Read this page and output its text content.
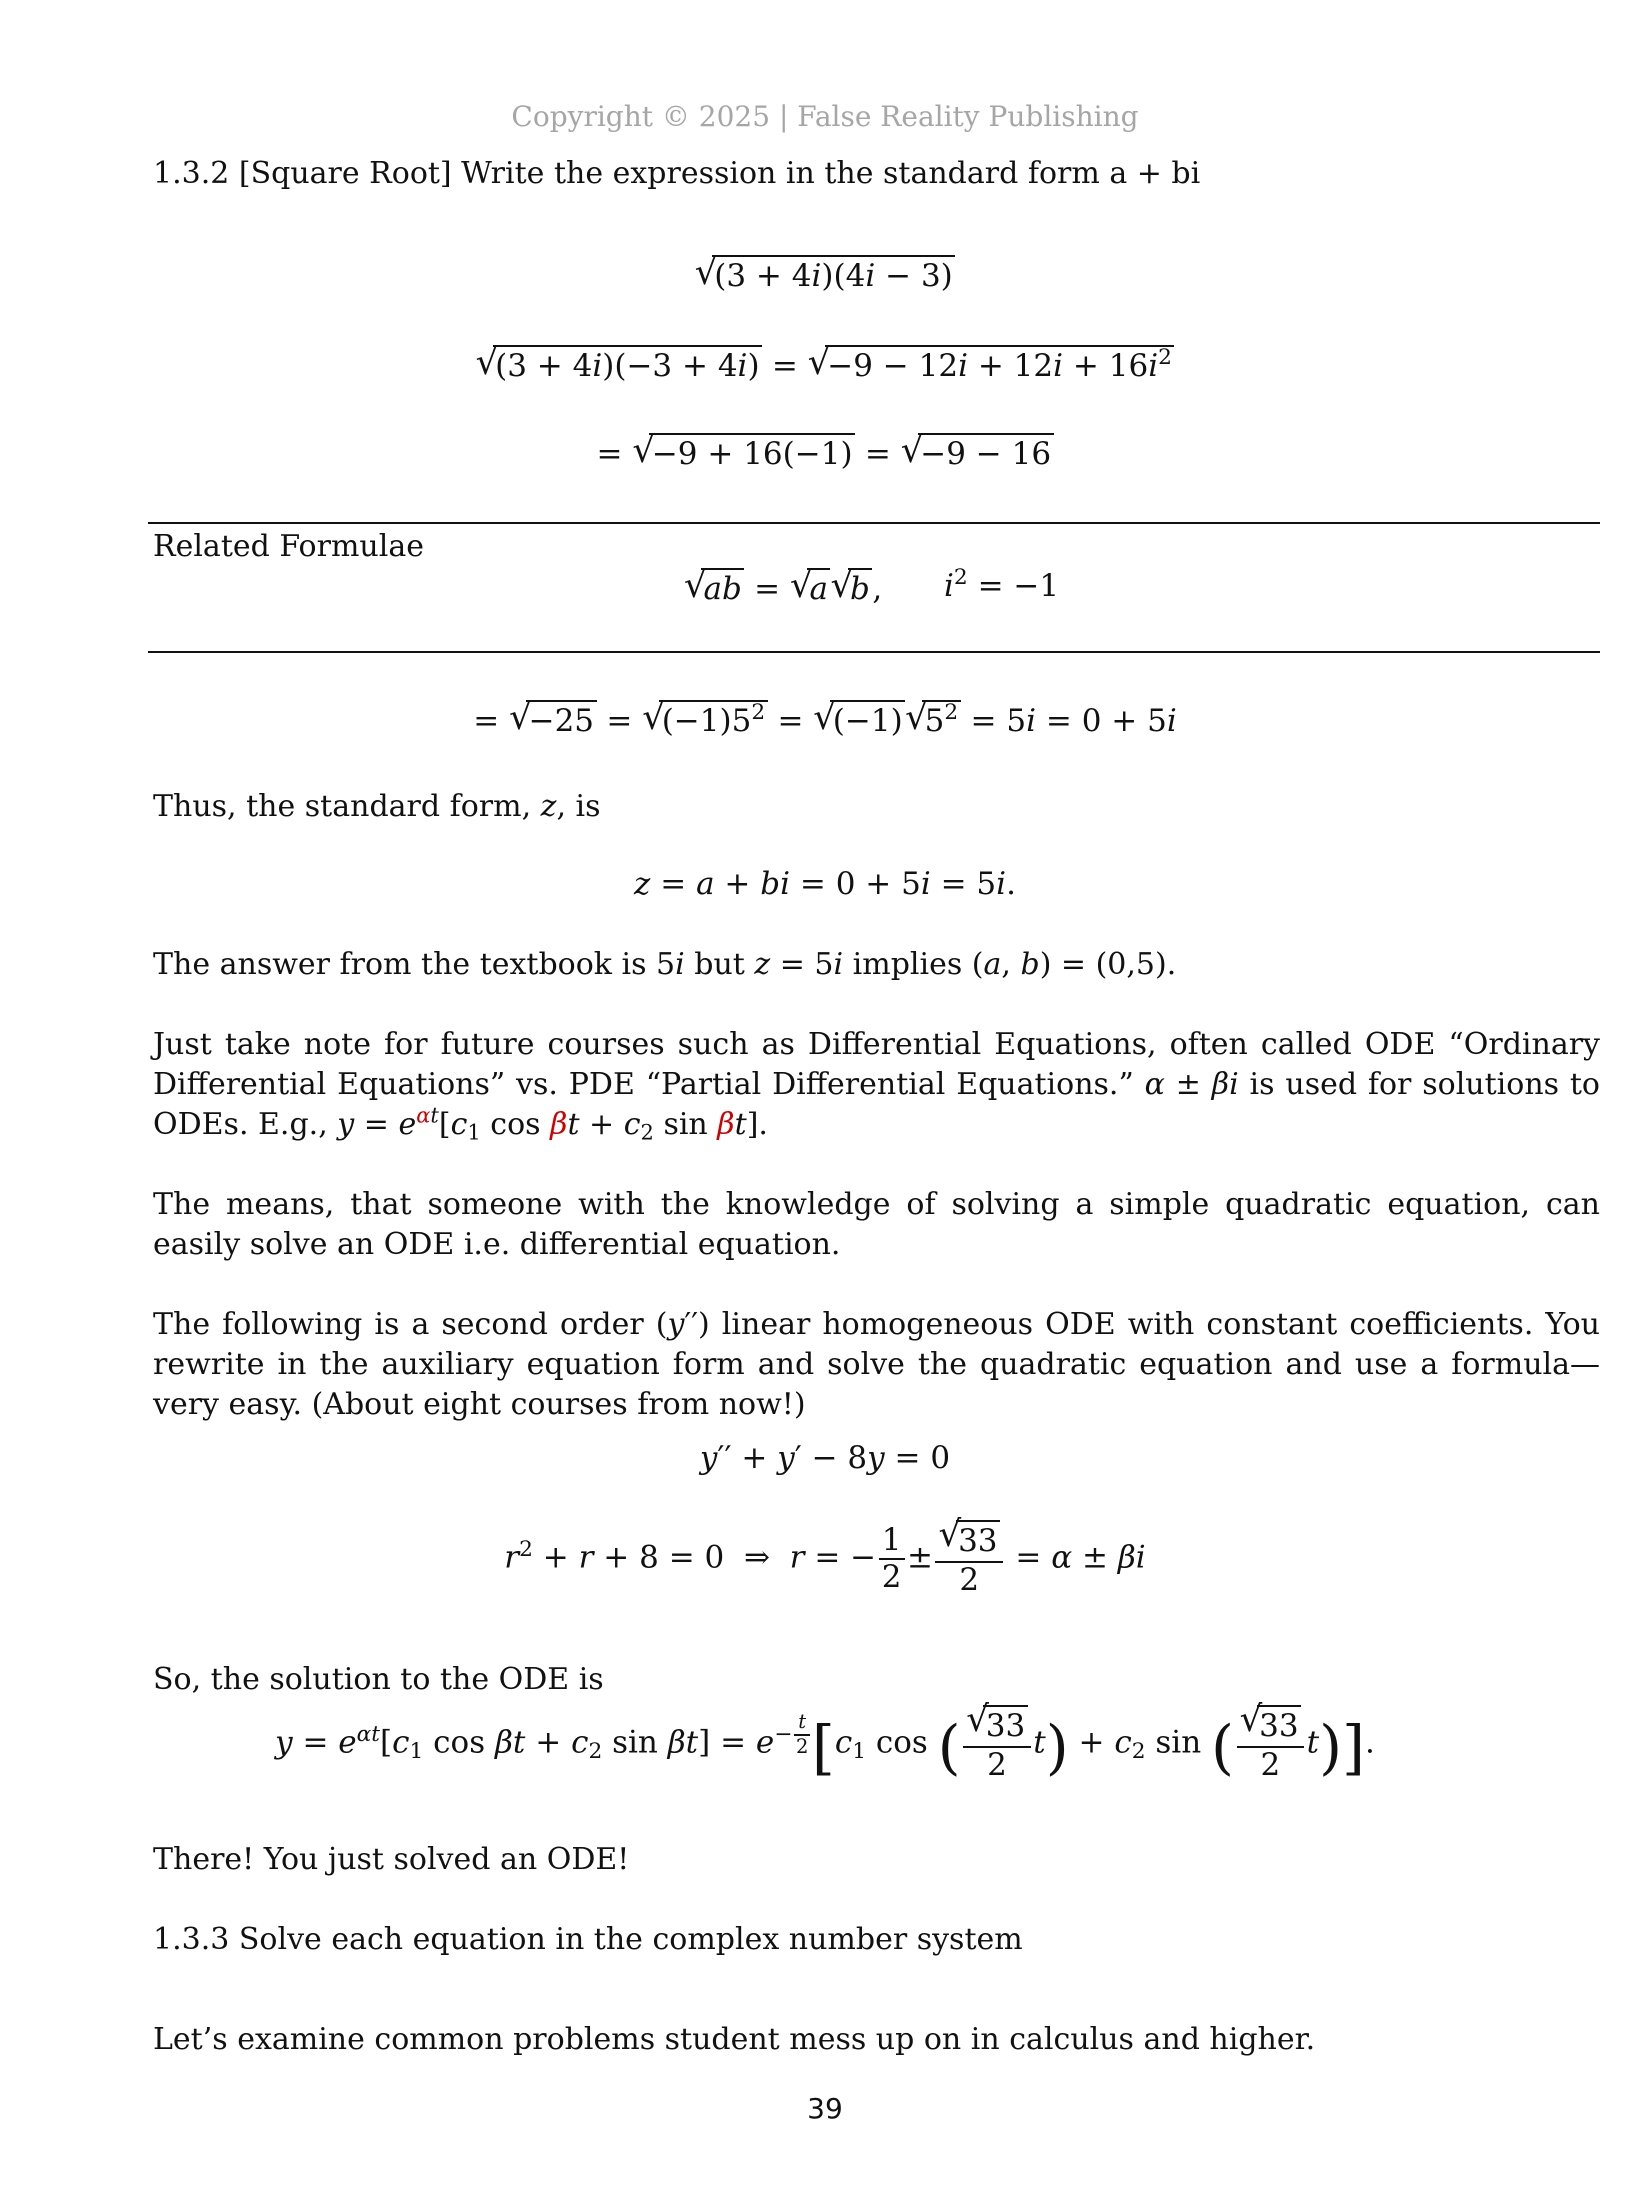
Copyright © 2025 | False Reality Publishing
1.3.2 [Square Root] Write the expression in the standard form a + bi
√ (3 + 4i)(4i − 3)
√ (3 + 4i)(−3 + 4i) = √ $-9 - 12i + 12i + 16i^2$
= √ −9 + 16(−1) = √ −9 − 16
Related Formulae
√ ab = √ a √ b, $i^2 = -1$
= √ −25 = √ $(-1)5^2$ = √ (−1) √ $5^2 = 5i = 0 + 5i$
Thus, the standard form, z, is
z = a + bi = 0 + 5i = 5i.
The answer from the textbook is 5i but z = 5i implies (a, b) = (0,5).
Just take note for future courses such as Differential Equations, often called ODE “Ordinary Differential Equations” vs. PDE “Partial Differential Equations.” α ± βi is used for solutions to ODEs. E.g., $y = e^{\alpha t}[c_1$ $\cos \beta t + c_2$ sin βt].
The means, that someone with the knowledge of solving a simple quadratic equation, can easily solve an ODE i.e. differential equation.
The following is a second order (y′′) linear homogeneous ODE with constant coefficients. You rewrite in the auxiliary equation form and solve the quadratic equation and use a formula—very easy. (About eight courses from now!)
y′′ + y′ − 8y = 0
$r^2 + r + 8 = 0$  ⇒  r = − $\frac{1}{2}$ ± √ $\frac{33}{2} = \alpha \pm \beta i$
So, the solution to the ODE is
$y = e^{\alpha t}[c_1$ $\cos \beta t + c_2$ $\sin \beta t] = e^{- \frac{t}{2}}$ [$c_1$ cos ( √ $\frac{33}{2} t) + c_2$ sin ( √ $\frac{33}{2} t$)].
There! You just solved an ODE!
1.3.3 Solve each equation in the complex number system
Let’s examine common problems student mess up on in calculus and higher.
39
